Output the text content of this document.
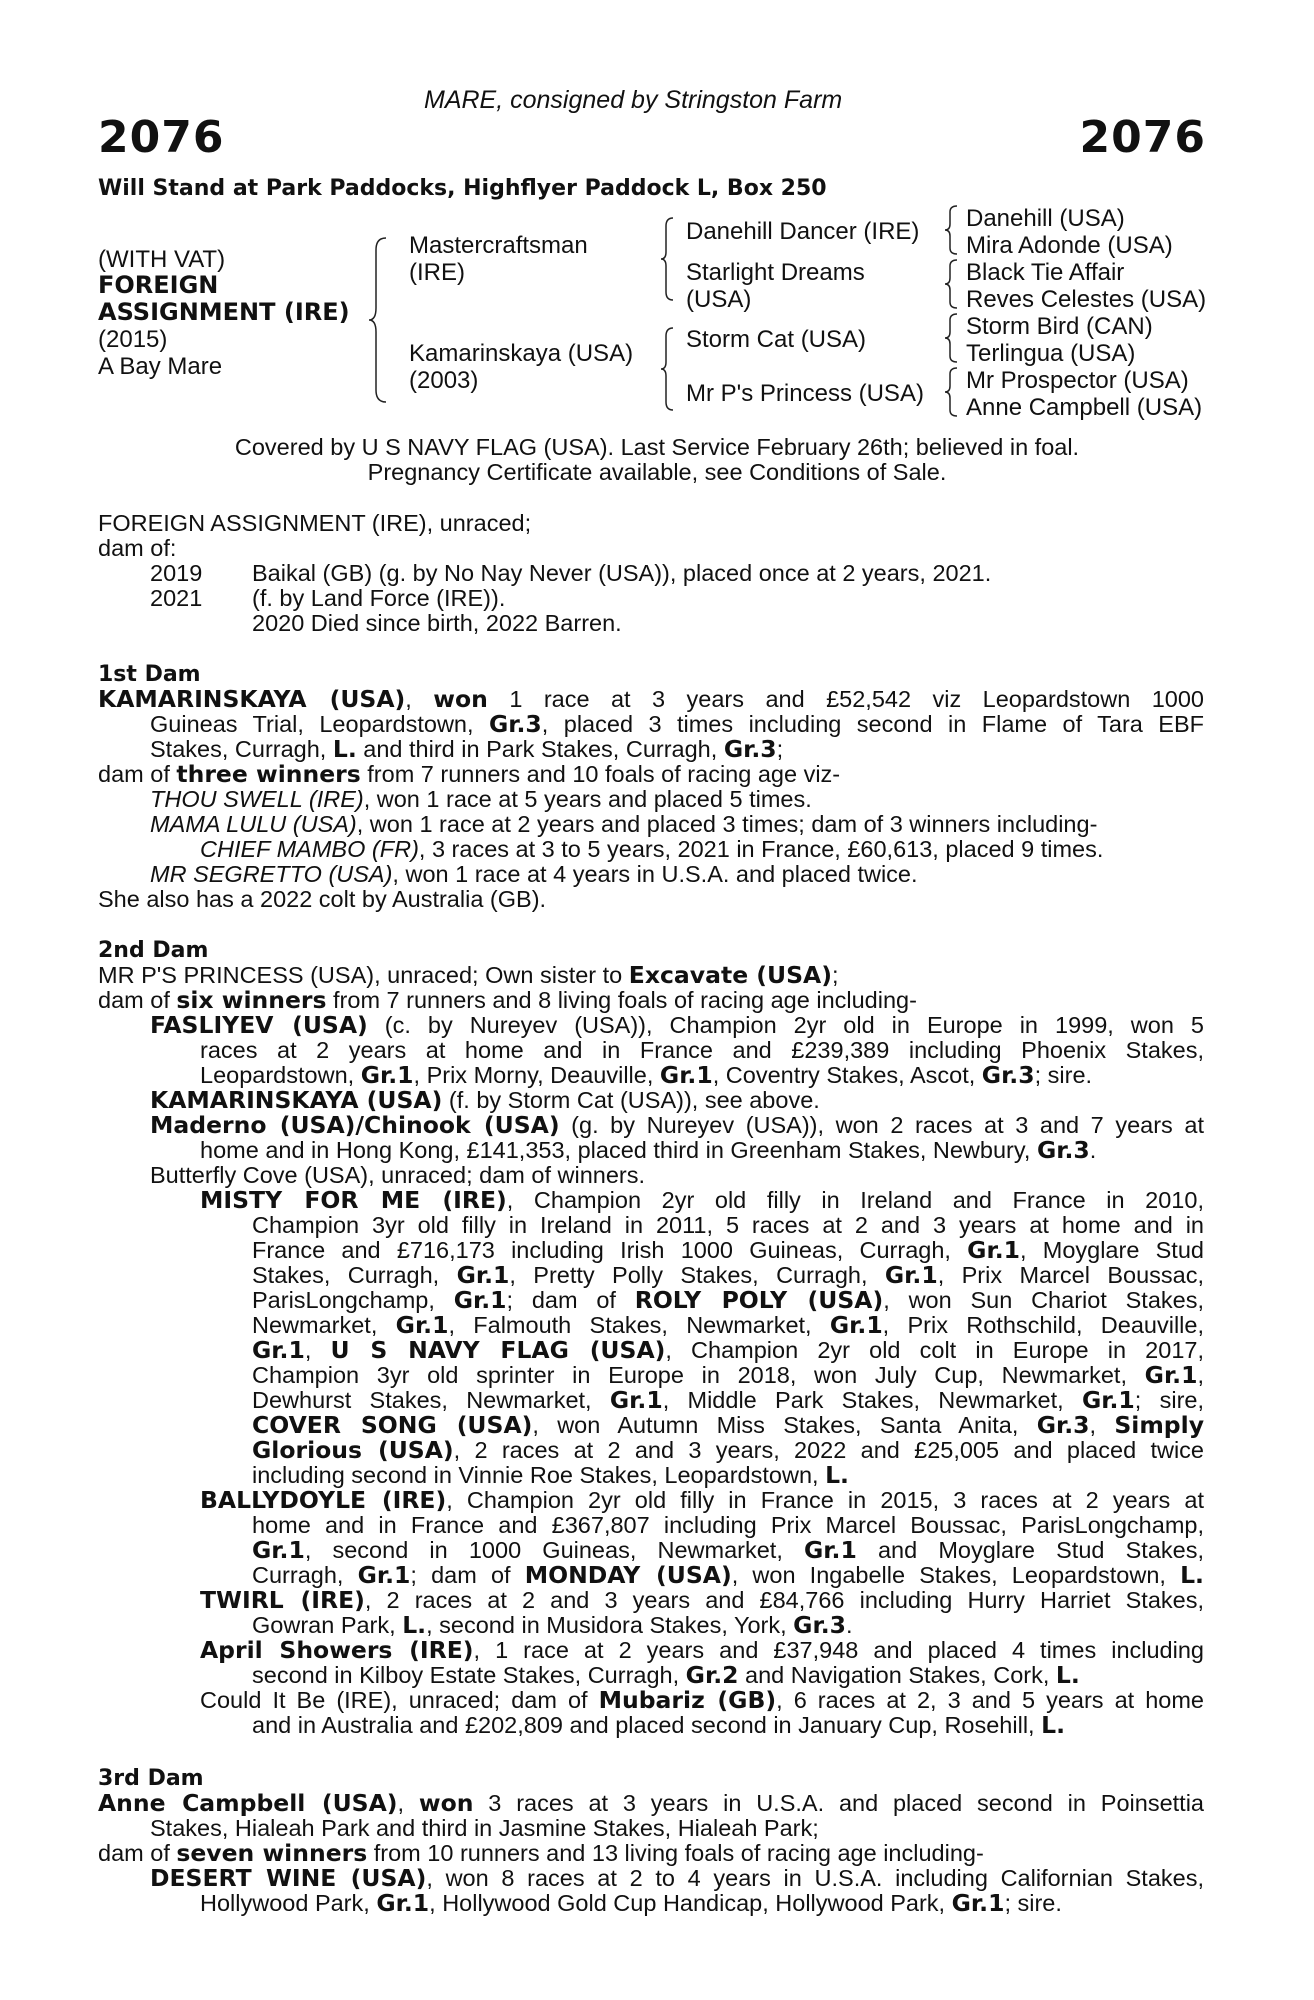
MARE, consigned by Stringston Farm
2076	2076
Will Stand at Park Paddocks, Highflyer Paddock L, Box 250
(WITH VAT)
FOREIGN
ASSIGNMENT (IRE)
(2015)
A Bay Mare
Mastercraftsman
(IRE)
Kamarinskaya (USA)
(2003)
Danehill Dancer (IRE)
Starlight Dreams
(USA)
Storm Cat (USA)
Mr P's Princess (USA)
Danehill (USA)
Mira Adonde (USA)
Black Tie Affair
Reves Celestes (USA)
Storm Bird (CAN)
Terlingua (USA)
Mr Prospector (USA)
Anne Campbell (USA)
Covered by U S NAVY FLAG (USA). Last Service February 26th; believed in foal.
Pregnancy Certificate available, see Conditions of Sale.
FOREIGN ASSIGNMENT (IRE), unraced;
dam of:
2019 Baikal (GB) (g. by No Nay Never (USA)), placed once at 2 years, 2021.
2021 (f. by Land Force (IRE)).
2020 Died since birth, 2022 Barren.
1st Dam
KAMARINSKAYA (USA), won 1 race at 3 years and £52,542 viz Leopardstown 1000
Guineas Trial, Leopardstown, Gr.3, placed 3 times including second in Flame of Tara EBF
Stakes, Curragh, L. and third in Park Stakes, Curragh, Gr.3;
dam of three winners from 7 runners and 10 foals of racing age viz-
THOU SWELL (IRE), won 1 race at 5 years and placed 5 times.
MAMA LULU (USA), won 1 race at 2 years and placed 3 times; dam of 3 winners including-
CHIEF MAMBO (FR), 3 races at 3 to 5 years, 2021 in France, £60,613, placed 9 times.
MR SEGRETTO (USA), won 1 race at 4 years in U.S.A. and placed twice.
She also has a 2022 colt by Australia (GB).
2nd Dam
MR P'S PRINCESS (USA), unraced; Own sister to Excavate (USA);
dam of six winners from 7 runners and 8 living foals of racing age including-
FASLIYEV (USA) (c. by Nureyev (USA)), Champion 2yr old in Europe in 1999, won 5
races at 2 years at home and in France and £239,389 including Phoenix Stakes,
Leopardstown, Gr.1, Prix Morny, Deauville, Gr.1, Coventry Stakes, Ascot, Gr.3; sire.
KAMARINSKAYA (USA) (f. by Storm Cat (USA)), see above.
Maderno (USA)/Chinook (USA) (g. by Nureyev (USA)), won 2 races at 3 and 7 years at
home and in Hong Kong, £141,353, placed third in Greenham Stakes, Newbury, Gr.3.
Butterfly Cove (USA), unraced; dam of winners.
MISTY FOR ME (IRE), Champion 2yr old filly in Ireland and France in 2010,
Champion 3yr old filly in Ireland in 2011, 5 races at 2 and 3 years at home and in
France and £716,173 including Irish 1000 Guineas, Curragh, Gr.1, Moyglare Stud
Stakes, Curragh, Gr.1, Pretty Polly Stakes, Curragh, Gr.1, Prix Marcel Boussac,
ParisLongchamp, Gr.1; dam of ROLY POLY (USA), won Sun Chariot Stakes,
Newmarket, Gr.1, Falmouth Stakes, Newmarket, Gr.1, Prix Rothschild, Deauville,
Gr.1, U S NAVY FLAG (USA), Champion 2yr old colt in Europe in 2017,
Champion 3yr old sprinter in Europe in 2018, won July Cup, Newmarket, Gr.1,
Dewhurst Stakes, Newmarket, Gr.1, Middle Park Stakes, Newmarket, Gr.1; sire,
COVER SONG (USA), won Autumn Miss Stakes, Santa Anita, Gr.3, Simply
Glorious (USA), 2 races at 2 and 3 years, 2022 and £25,005 and placed twice
including second in Vinnie Roe Stakes, Leopardstown, L.
BALLYDOYLE (IRE), Champion 2yr old filly in France in 2015, 3 races at 2 years at
home and in France and £367,807 including Prix Marcel Boussac, ParisLongchamp,
Gr.1, second in 1000 Guineas, Newmarket, Gr.1 and Moyglare Stud Stakes,
Curragh, Gr.1; dam of MONDAY (USA), won Ingabelle Stakes, Leopardstown, L.
TWIRL (IRE), 2 races at 2 and 3 years and £84,766 including Hurry Harriet Stakes,
Gowran Park, L., second in Musidora Stakes, York, Gr.3.
April Showers (IRE), 1 race at 2 years and £37,948 and placed 4 times including
second in Kilboy Estate Stakes, Curragh, Gr.2 and Navigation Stakes, Cork, L.
Could It Be (IRE), unraced; dam of Mubariz (GB), 6 races at 2, 3 and 5 years at home
and in Australia and £202,809 and placed second in January Cup, Rosehill, L.
3rd Dam
Anne Campbell (USA), won 3 races at 3 years in U.S.A. and placed second in Poinsettia
Stakes, Hialeah Park and third in Jasmine Stakes, Hialeah Park;
dam of seven winners from 10 runners and 13 living foals of racing age including-
DESERT WINE (USA), won 8 races at 2 to 4 years in U.S.A. including Californian Stakes,
Hollywood Park, Gr.1, Hollywood Gold Cup Handicap, Hollywood Park, Gr.1; sire.
